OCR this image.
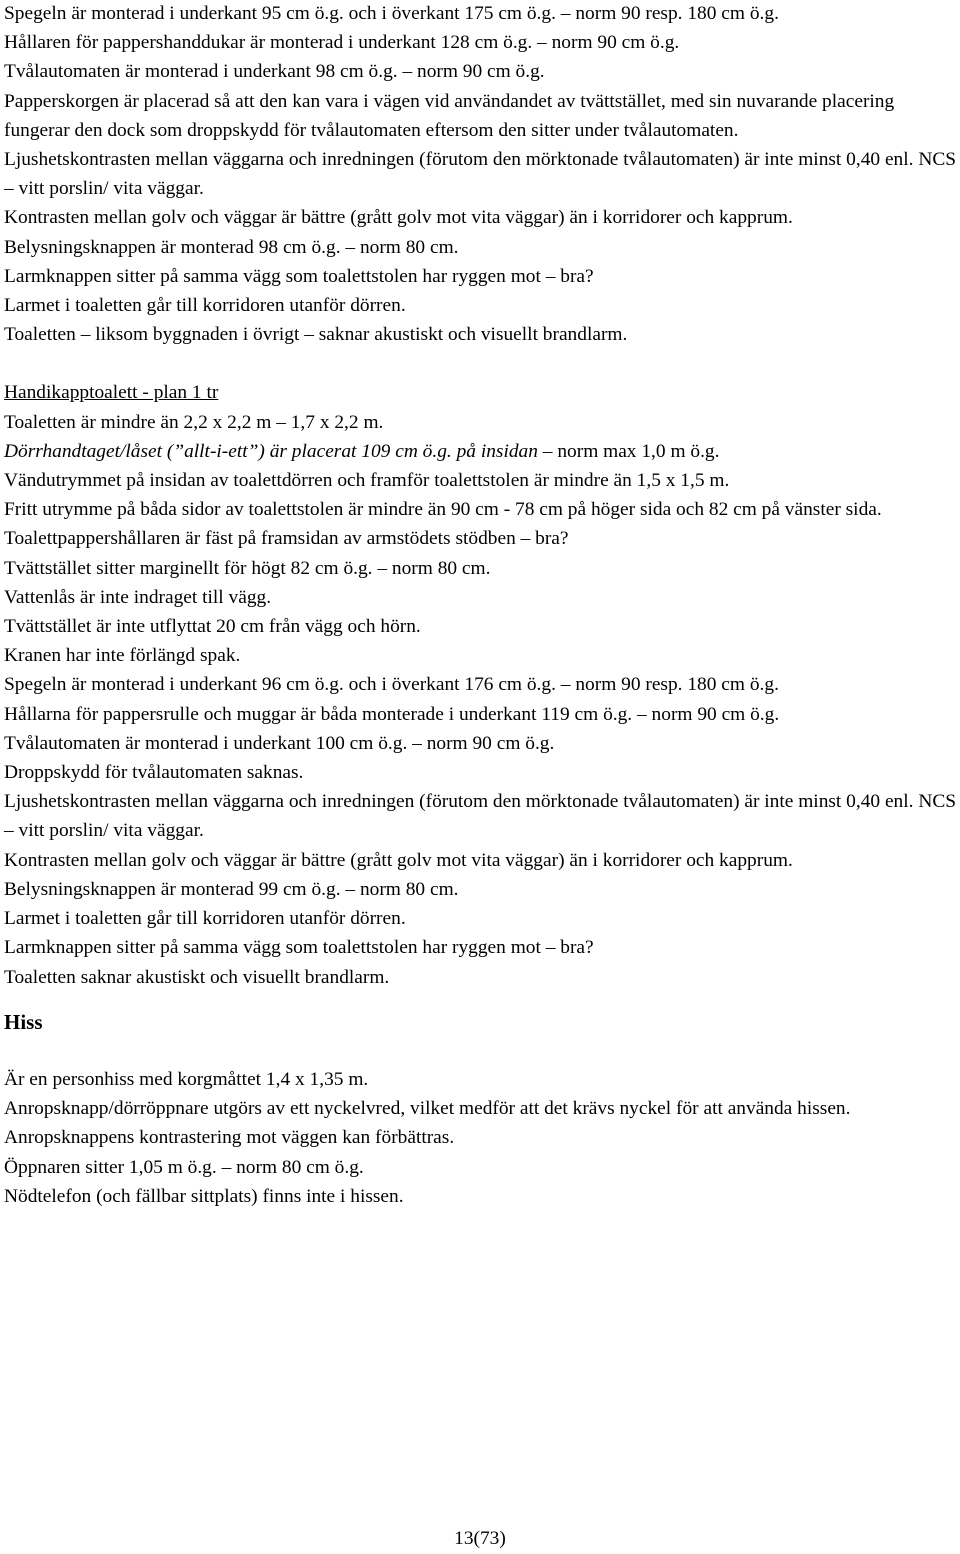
Spegeln är monterad i underkant 95 cm ö.g. och i överkant 175 cm ö.g. – norm 90 resp. 180 cm ö.g.

Hållaren för pappershanddukar är monterad i underkant 128 cm ö.g. – norm 90 cm ö.g.

Tvålautomaten är monterad i underkant 98 cm ö.g. – norm 90 cm ö.g.

Papperskorgen är placerad så att den kan vara i vägen vid användandet av tvättstället, med sin nuvarande placering fungerar den dock som droppskydd för tvålautomaten eftersom den sitter under tvålautomaten.

Ljushetskontrasten mellan väggarna och inredningen (förutom den mörktonade tvålautomaten) är inte minst 0,40 enl. NCS – vitt porslin/ vita väggar.

Kontrasten mellan golv och väggar är bättre (grått golv mot vita väggar) än i korridorer och kapprum.

Belysningsknappen är monterad 98 cm ö.g. – norm 80 cm.

Larmknappen sitter på samma vägg som toalettstolen har ryggen mot – bra?

Larmet i toaletten går till korridoren utanför dörren.

Toaletten – liksom byggnaden i övrigt – saknar akustiskt och visuellt brandlarm.

Handikapptoalett - plan 1 tr

Toaletten är mindre än 2,2 x 2,2 m – 1,7 x 2,2 m.

Dörrhandtaget/låset (”allt-i-ett”) är placerat 109 cm ö.g. på insidan – norm max 1,0 m ö.g.

Vändutrymmet på insidan av toalettdörren och framför toalettstolen är mindre än 1,5 x 1,5 m.

Fritt utrymme på båda sidor av toalettstolen är mindre än 90 cm - 78 cm på höger sida och 82 cm på vänster sida.

Toalettpappershållaren är fäst på framsidan av armstödets stödben – bra?

Tvättstället sitter marginellt för högt 82 cm ö.g. – norm 80 cm.

Vattenlås är inte indraget till vägg.

Tvättstället är inte utflyttat 20 cm från vägg och hörn.

Kranen har inte förlängd spak.

Spegeln är monterad i underkant 96 cm ö.g. och i överkant 176 cm ö.g. – norm 90 resp. 180 cm ö.g.

Hållarna för pappersrulle och muggar är båda monterade i underkant 119 cm ö.g. – norm 90 cm ö.g.

Tvålautomaten är monterad i underkant 100 cm ö.g. – norm 90 cm ö.g.

Droppskydd för tvålautomaten saknas.

Ljushetskontrasten mellan väggarna och inredningen (förutom den mörktonade tvålautomaten) är inte minst 0,40 enl. NCS – vitt porslin/ vita väggar.

Kontrasten mellan golv och väggar är bättre (grått golv mot vita väggar) än i korridorer och kapprum.

Belysningsknappen är monterad 99 cm ö.g. – norm 80 cm.

Larmet i toaletten går till korridoren utanför dörren.

Larmknappen sitter på samma vägg som toalettstolen har ryggen mot – bra?

Toaletten saknar akustiskt och visuellt brandlarm.

Hiss

Är en personhiss med korgmåttet 1,4 x 1,35 m.

Anropsknapp/dörröppnare utgörs av ett nyckelvred, vilket medför att det krävs nyckel för att använda hissen.

Anropsknappens kontrastering mot väggen kan förbättras.

Öppnaren sitter 1,05 m ö.g. – norm 80 cm ö.g.

Nödtelefon (och fällbar sittplats) finns inte i hissen.

13(73)
